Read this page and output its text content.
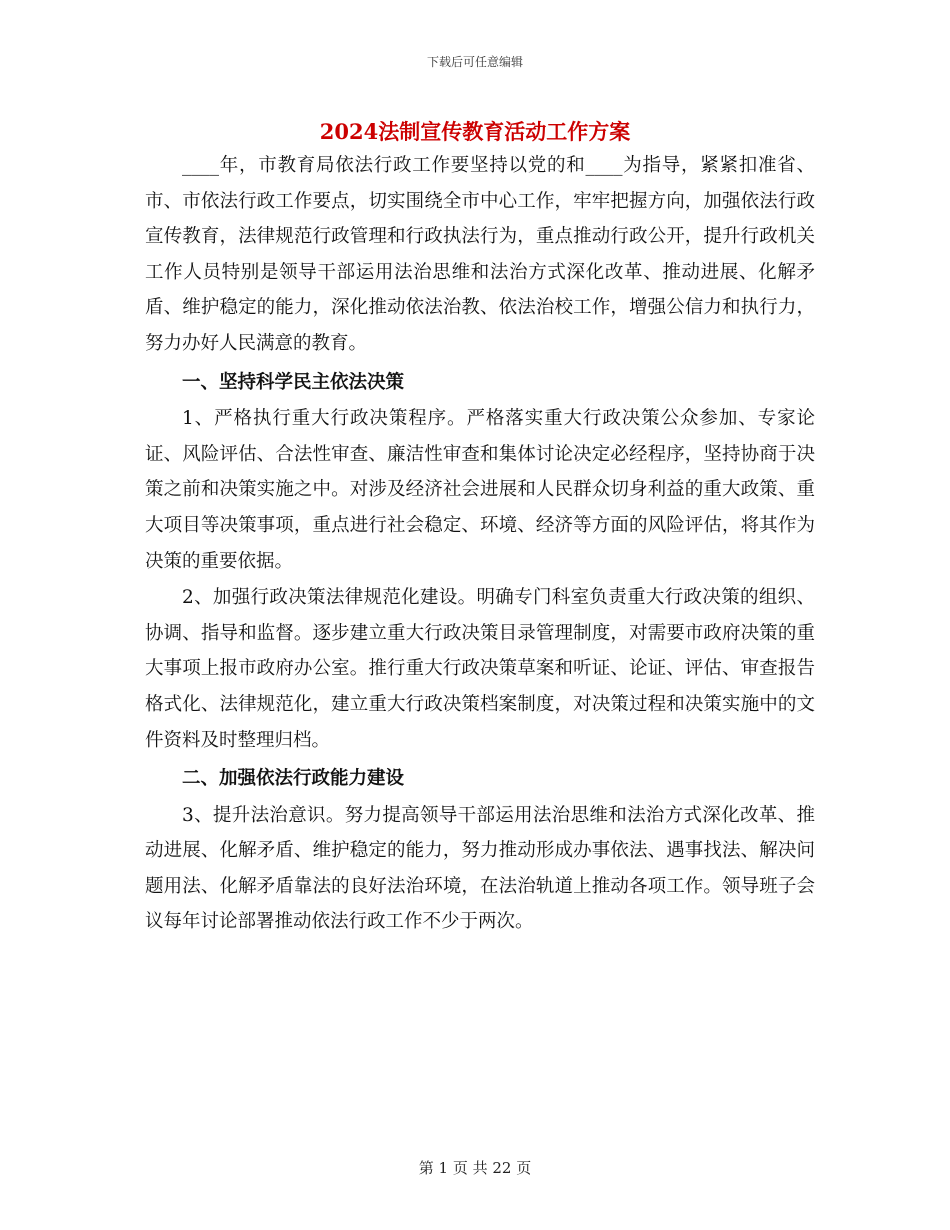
下载后可任意编辑
2024法制宣传教育活动工作方案

____年，市教育局依法行政工作要坚持以党的和____为指导，紧紧扣准省、市、市依法行政工作要点，切实围绕全市中心工作，牢牢把握方向，加强依法行政宣传教育，法律规范行政管理和行政执法行为，重点推动行政公开，提升行政机关工作人员特别是领导干部运用法治思维和法治方式深化改革、推动进展、化解矛盾、维护稳定的能力，深化推动依法治教、依法治校工作，增强公信力和执行力，努力办好人民满意的教育。

一、坚持科学民主依法决策

1、严格执行重大行政决策程序。严格落实重大行政决策公众参加、专家论证、风险评估、合法性审查、廉洁性审查和集体讨论决定必经程序，坚持协商于决策之前和决策实施之中。对涉及经济社会进展和人民群众切身利益的重大政策、重大项目等决策事项，重点进行社会稳定、环境、经济等方面的风险评估，将其作为决策的重要依据。

2、加强行政决策法律规范化建设。明确专门科室负责重大行政决策的组织、协调、指导和监督。逐步建立重大行政决策目录管理制度，对需要市政府决策的重大事项上报市政府办公室。推行重大行政决策草案和听证、论证、评估、审查报告格式化、法律规范化，建立重大行政决策档案制度，对决策过程和决策实施中的文件资料及时整理归档。

二、加强依法行政能力建设

3、提升法治意识。努力提高领导干部运用法治思维和法治方式深化改革、推动进展、化解矛盾、维护稳定的能力，努力推动形成办事依法、遇事找法、解决问题用法、化解矛盾靠法的良好法治环境，在法治轨道上推动各项工作。领导班子会议每年讨论部署推动依法行政工作不少于两次。

第 1 页 共 22 页
